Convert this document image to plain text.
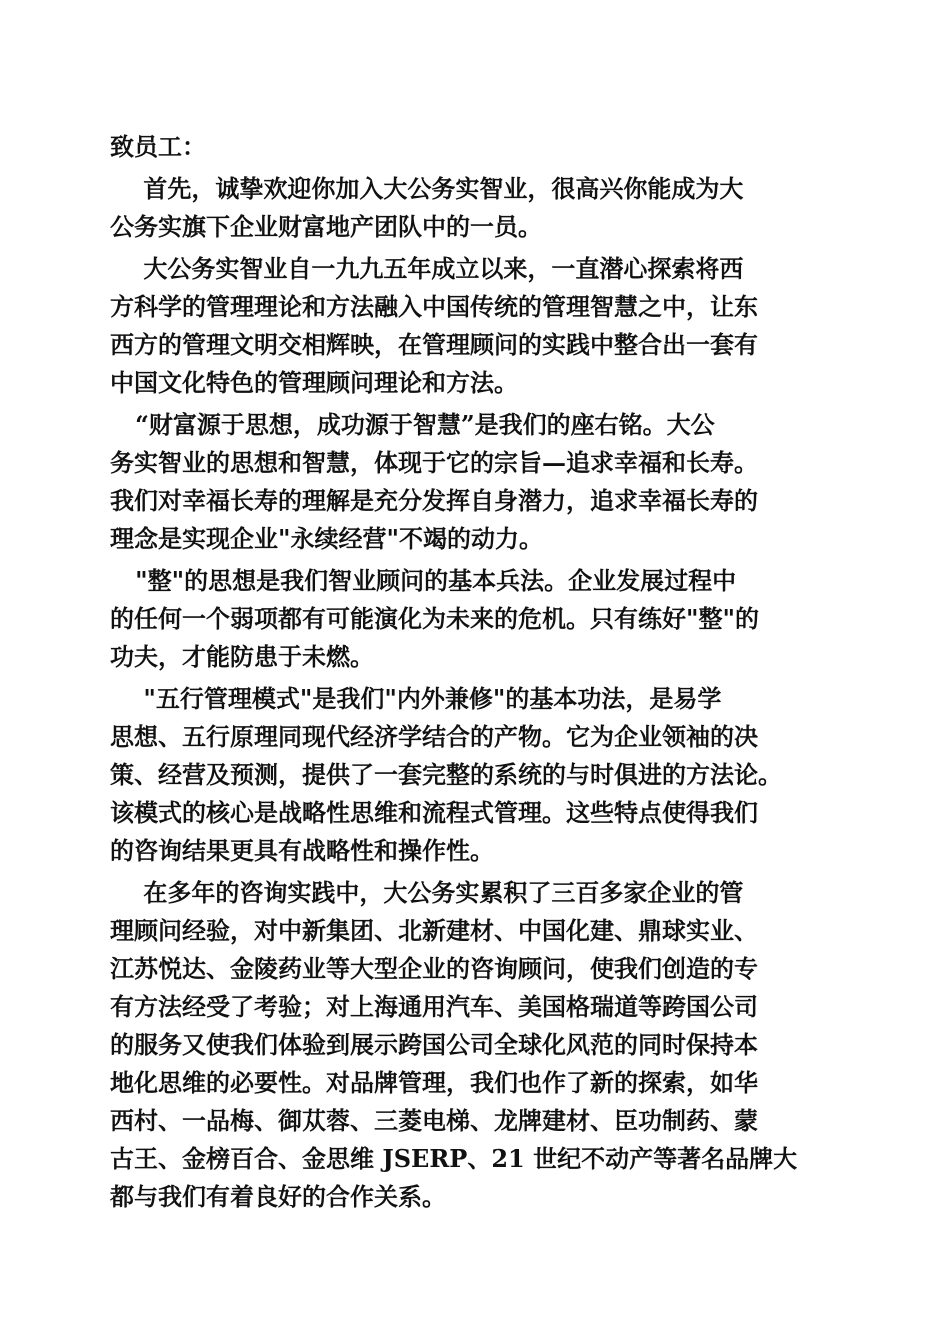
致员工：
首先，诚挚欢迎你加入大公务实智业，很高兴你能成为大
公务实旗下企业财富地产团队中的一员。
大公务实智业自一九九五年成立以来，一直潜心探索将西
方科学的管理理论和方法融入中国传统的管理智慧之中，让东
西方的管理文明交相辉映，在管理顾问的实践中整合出一套有
中国文化特色的管理顾问理论和方法。
“财富源于思想，成功源于智慧”是我们的座右铭。大公
务实智业的思想和智慧，体现于它的宗旨—追求幸福和长寿。
我们对幸福长寿的理解是充分发挥自身潜力，追求幸福长寿的
理念是实现企业"永续经营"不竭的动力。
"整"的思想是我们智业顾问的基本兵法。企业发展过程中
的任何一个弱项都有可能演化为未来的危机。只有练好"整"的
功夫，才能防患于未燃。
"五行管理模式"是我们"内外兼修"的基本功法，是易学
思想、五行原理同现代经济学结合的产物。它为企业领袖的决
策、经营及预测，提供了一套完整的系统的与时俱进的方法论。
该模式的核心是战略性思维和流程式管理。这些特点使得我们
的咨询结果更具有战略性和操作性。
在多年的咨询实践中，大公务实累积了三百多家企业的管
理顾问经验，对中新集团、北新建材、中国化建、鼎球实业、
江苏悦达、金陵药业等大型企业的咨询顾问，使我们创造的专
有方法经受了考验；对上海通用汽车、美国格瑞道等跨国公司
的服务又使我们体验到展示跨国公司全球化风范的同时保持本
地化思维的必要性。对品牌管理，我们也作了新的探索，如华
西村、一品梅、御苁蓉、三菱电梯、龙牌建材、臣功制药、蒙
古王、金榜百合、金思维 JSERP、21 世纪不动产等著名品牌大
都与我们有着良好的合作关系。
